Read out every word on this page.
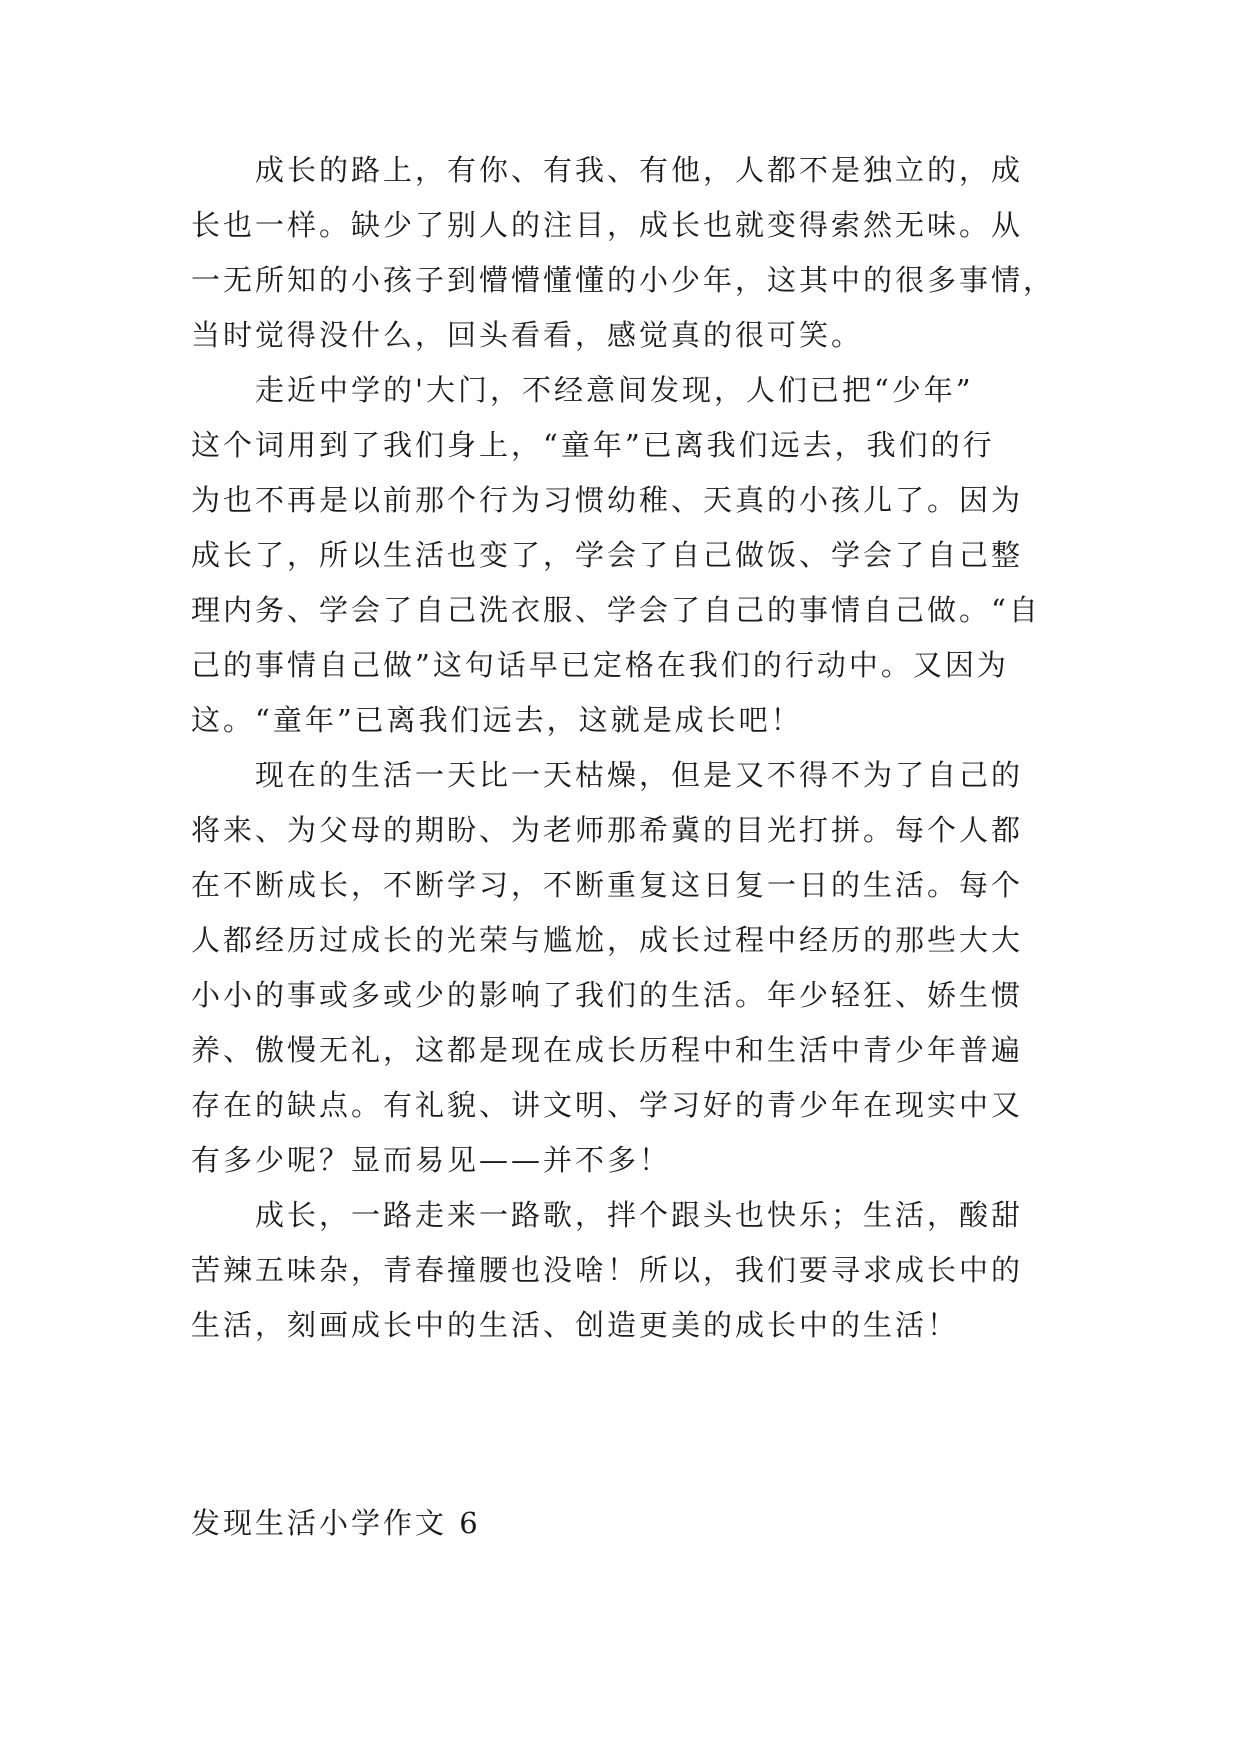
成长的路上，有你、有我、有他，人都不是独立的，成
长也一样。缺少了别人的注目，成长也就变得索然无味。从
一无所知的小孩子到懵懵懂懂的小少年，这其中的很多事情，
当时觉得没什么，回头看看，感觉真的很可笑。
走近中学的'大门，不经意间发现，人们已把“少年”
这个词用到了我们身上，“童年”已离我们远去，我们的行
为也不再是以前那个行为习惯幼稚、天真的小孩儿了。因为
成长了，所以生活也变了，学会了自己做饭、学会了自己整
理内务、学会了自己洗衣服、学会了自己的事情自己做。“自
己的事情自己做”这句话早已定格在我们的行动中。又因为
这。“童年”已离我们远去，这就是成长吧！
现在的生活一天比一天枯燥，但是又不得不为了自己的
将来、为父母的期盼、为老师那希冀的目光打拼。每个人都
在不断成长，不断学习，不断重复这日复一日的生活。每个
人都经历过成长的光荣与尴尬，成长过程中经历的那些大大
小小的事或多或少的影响了我们的生活。年少轻狂、娇生惯
养、傲慢无礼，这都是现在成长历程中和生活中青少年普遍
存在的缺点。有礼貌、讲文明、学习好的青少年在现实中又
有多少呢？显而易见——并不多！
成长，一路走来一路歌，拌个跟头也快乐；生活，酸甜
苦辣五味杂，青春撞腰也没啥！所以，我们要寻求成长中的
生活，刻画成长中的生活、创造更美的成长中的生活！
发现生活小学作文 6
